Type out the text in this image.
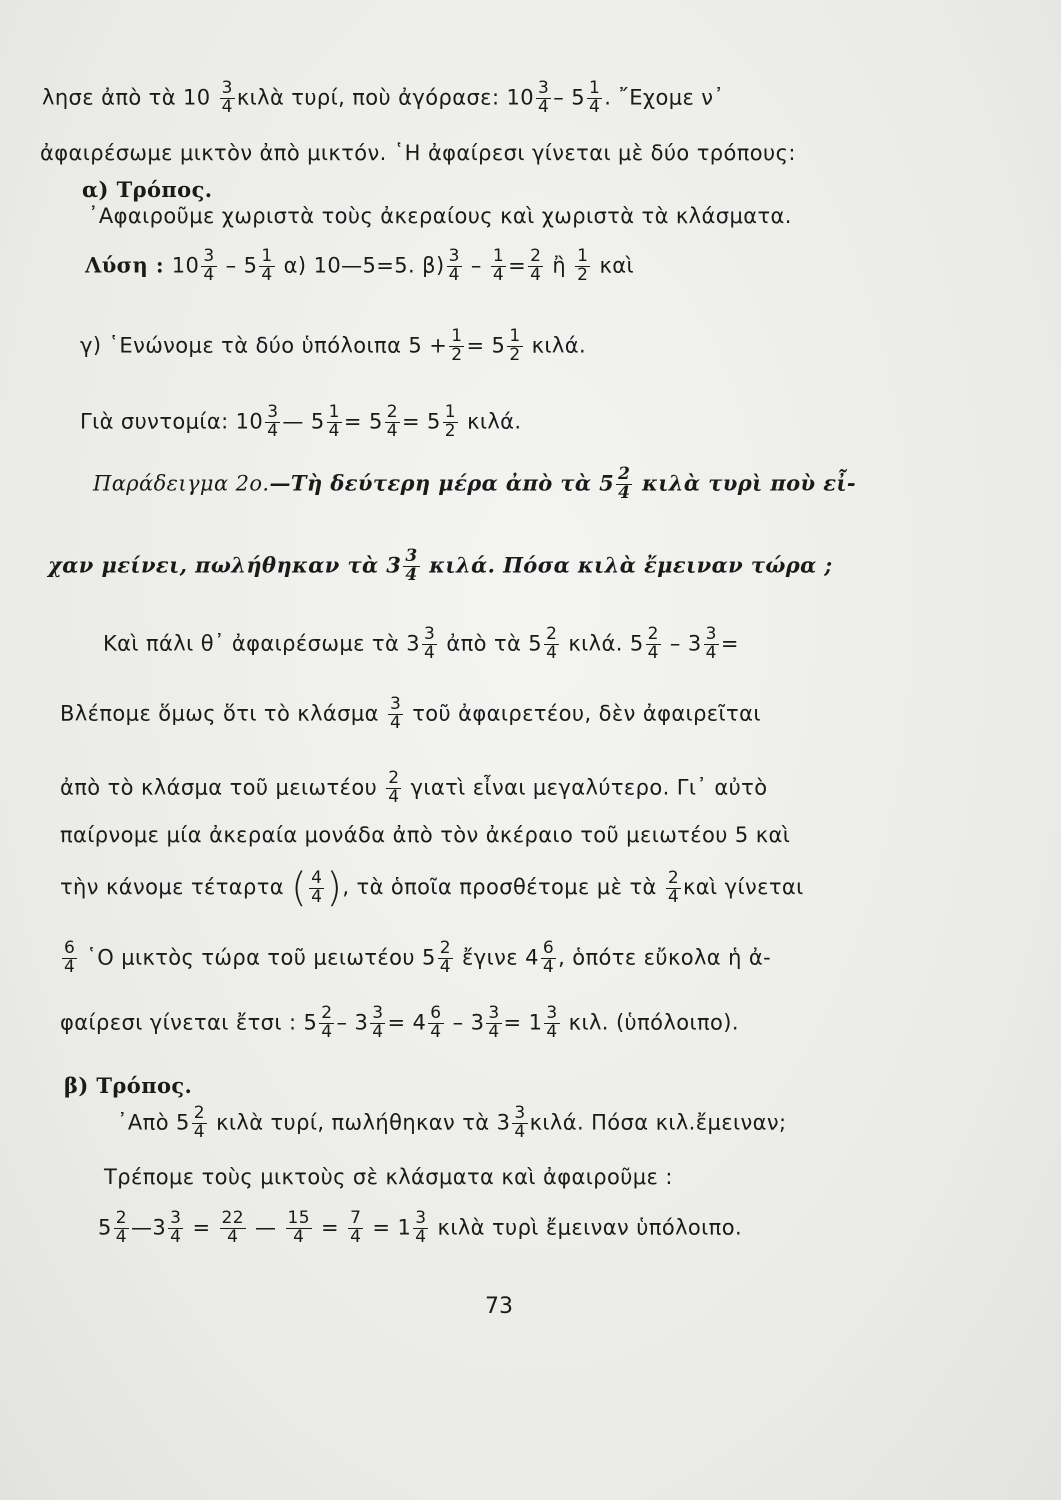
λησε ἀπὸ τὰ $10 \frac{3}{4}$ κιλὰ τυρί, ποὺ ἀγόρασε: $10 \frac{3}{4} - 5 \frac{1}{4}$ . ῎Εχομε ν᾿
ἀφαιρέσωμε μικτὸν ἀπὸ μικτόν. ῾Η ἀφαίρεσι γίνεται μὲ δύο τρόπους:
α) Τρόπος.
᾿Αφαιροῦμε χωριστὰ τοὺς ἀκεραίους καὶ χωριστὰ τὰ κλάσματα.
Λύση : $10 \frac{3}{4} - 5 \frac{1}{4} \alpha$) 10—5=5. $\beta) \frac{3}{4} - \frac{1}{4} = \frac{2}{4}$ ἢ $\frac{1}{2}$ καὶ
γ) ῾Ενώνομε τὰ δύο ὑπόλοιπα $5 + \frac{1}{2} = 5 \frac{1}{2} \kappa\iota\lambda ά$.
Γιὰ συντομία: $10 \frac{3}{4}$ — $5 \frac{1}{4} = 5 \frac{2}{4} = 5 \frac{1}{2} \kappa\iota\lambda ά$.
Παράδειγμα 2ο.—Τὴ δεύτερη μέρα ἀπὸ τὰ $5 \frac{2}{4}$ κιλὰ τυρὶ ποὺ εἶ-
χαν μείνει, πωλήθηκαν τὰ $3 \frac{3}{4} \kappa\iota\lambda ά$. Πόσα κιλὰ ἔμειναν τώρα ;
Καὶ πάλι θ᾿ ἀφαιρέσωμε τὰ $3 \frac{3}{4}$ ἀπὸ τὰ $5 \frac{2}{4} \kappa\iota\lambda ά$. $5 \frac{2}{4} - 3 \frac{3}{4}$ =
Βλέπομε ὅμως ὅτι τὸ κλάσμα $\frac{3}{4}$ τοῦ ἀφαιρετέου, δὲν ἀφαιρεῖται
ἀπὸ τὸ κλάσμα τοῦ μειωτέου $\frac{2}{4}$ γιατὶ εἶναι μεγαλύτερο. Γι᾿ αὐτὸ
παίρνομε μία ἀκεραία μονάδα ἀπὸ τὸν ἀκέραιο τοῦ μειωτέου 5 καὶ
τὴν κάνομε τέταρτα ( $\frac{4}{4}$ ), τὰ ὁποῖα προσθέτομε μὲ τὰ $\frac{2}{4}$ καὶ γίνεται
$\frac{6}{4}$ ῾Ο μικτὸς τώρα τοῦ μειωτέου $5 \frac{2}{4}$ ἔγινε $4 \frac{6}{4}$ , ὁπότε εὔκολα ἡ ἀ-
φαίρεσι γίνεται ἔτσι : $5 \frac{2}{4} - 3 \frac{3}{4} = 4 \frac{6}{4} - 3 \frac{3}{4} = 1 \frac{3}{4} \kappa\iota\lambda$. (ὑπόλοιπο).
β) Τρόπος.
᾿Απὸ $5 \frac{2}{4}$ κιλὰ τυρί, πωλήθηκαν τὰ $3 \frac{3}{4} \kappa\iota\lambda ά$. Πόσα κιλ.ἔμειναν;
Τρέπομε τοὺς μικτοὺς σὲ κλάσματα καὶ ἀφαιροῦμε :
$5 \frac{2}{4}$ —3 $\frac{3}{4} = \frac{22}{4}$ — $\frac{15}{4} = \frac{7}{4} = 1 \frac{3}{4}$ κιλὰ τυρὶ ἔμειναν ὑπόλοιπο.
73
